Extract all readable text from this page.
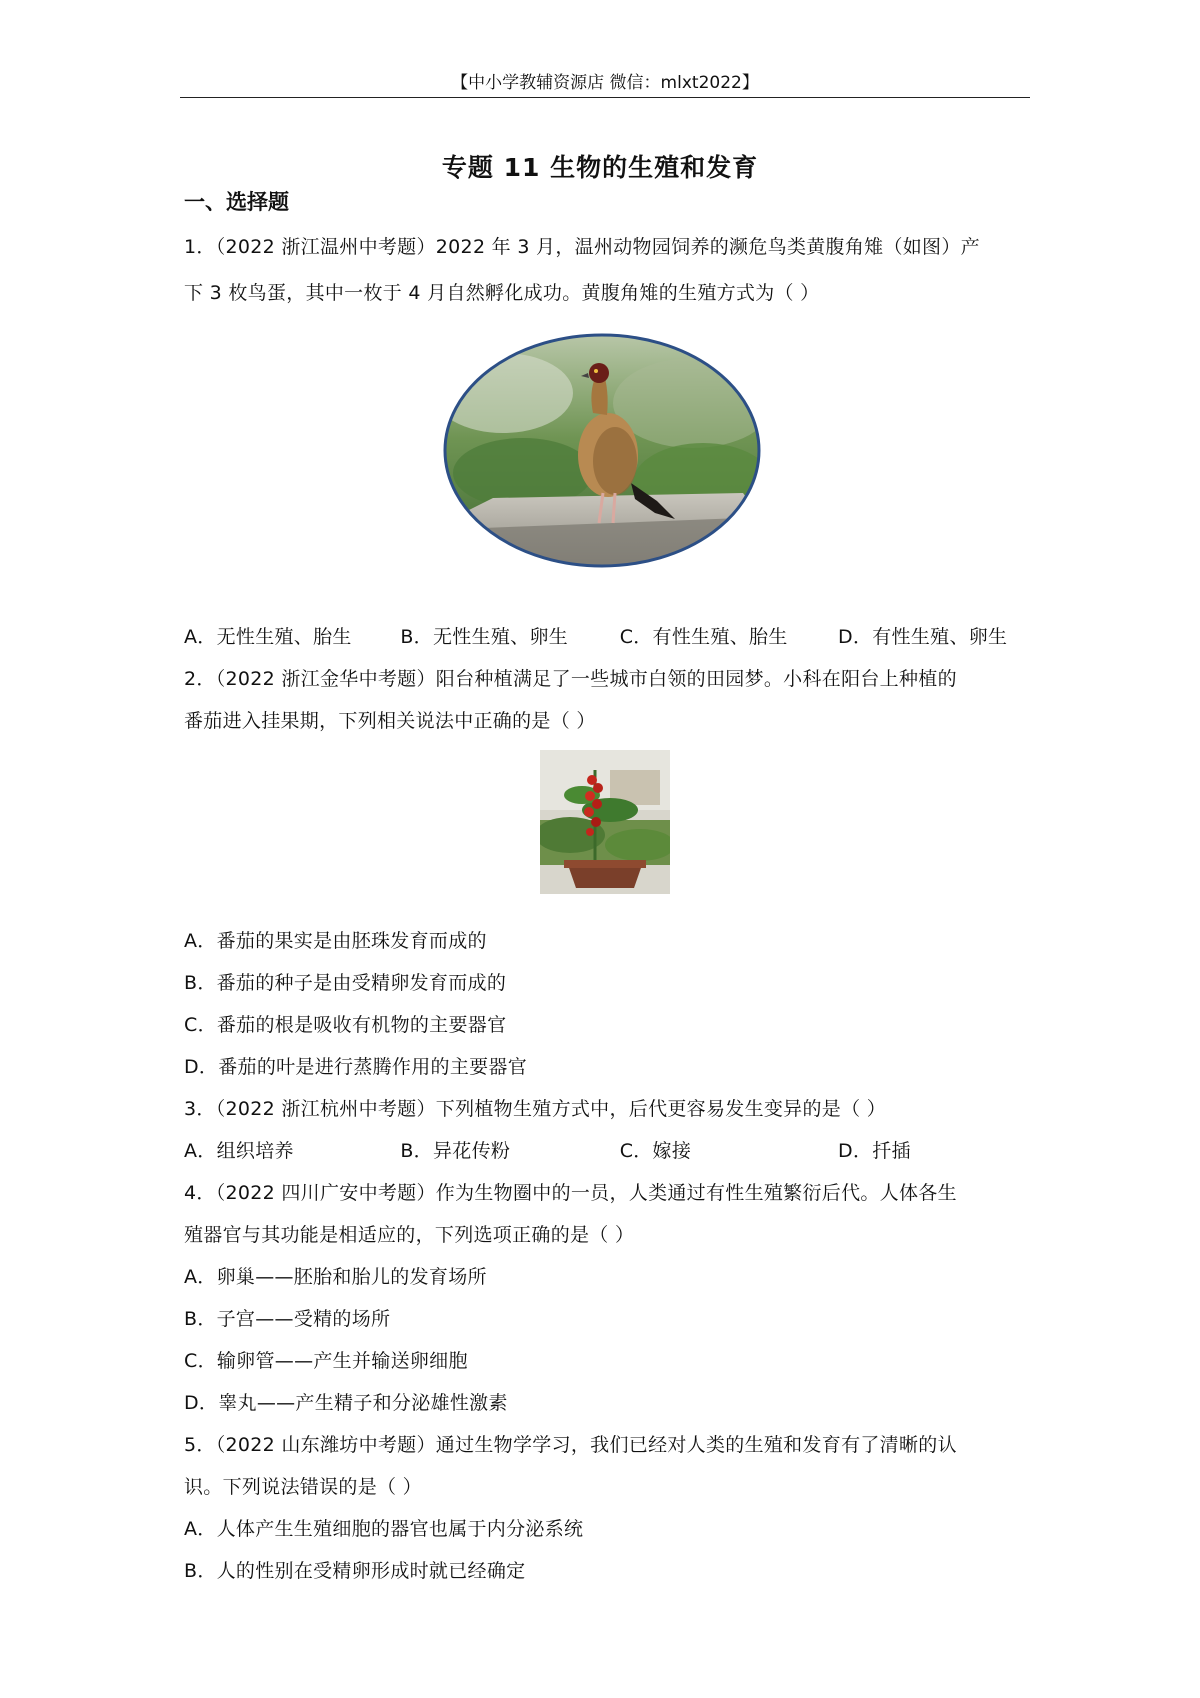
【中小学教辅资源店 微信：mlxt2022】
专题 11 生物的生殖和发育
一、选择题
1．（2022 浙江温州中考题）2022 年 3 月，温州动物园饲养的濒危鸟类黄腹角雉（如图）产
下 3 枚鸟蛋，其中一枚于 4 月自然孵化成功。黄腹角雉的生殖方式为（ ）
A．无性生殖、胎生	B．无性生殖、卵生	C．有性生殖、胎生	D．有性生殖、卵生
2．（2022 浙江金华中考题）阳台种植满足了一些城市白领的田园梦。小科在阳台上种植的
番茄进入挂果期，下列相关说法中正确的是（ ）
A．番茄的果实是由胚珠发育而成的
B．番茄的种子是由受精卵发育而成的
C．番茄的根是吸收有机物的主要器官
D．番茄的叶是进行蒸腾作用的主要器官
3．（2022 浙江杭州中考题）下列植物生殖方式中，后代更容易发生变异的是（ ）
A．组织培养	B．异花传粉	C．嫁接	D．扦插
4．（2022 四川广安中考题）作为生物圈中的一员，人类通过有性生殖繁衍后代。人体各生
殖器官与其功能是相适应的，下列选项正确的是（ ）
A．卵巢——胚胎和胎儿的发育场所
B．子宫——受精的场所
C．输卵管——产生并输送卵细胞
D．睾丸——产生精子和分泌雄性激素
5．（2022 山东潍坊中考题）通过生物学学习，我们已经对人类的生殖和发育有了清晰的认
识。下列说法错误的是（ ）
A．人体产生生殖细胞的器官也属于内分泌系统
B．人的性别在受精卵形成时就已经确定
